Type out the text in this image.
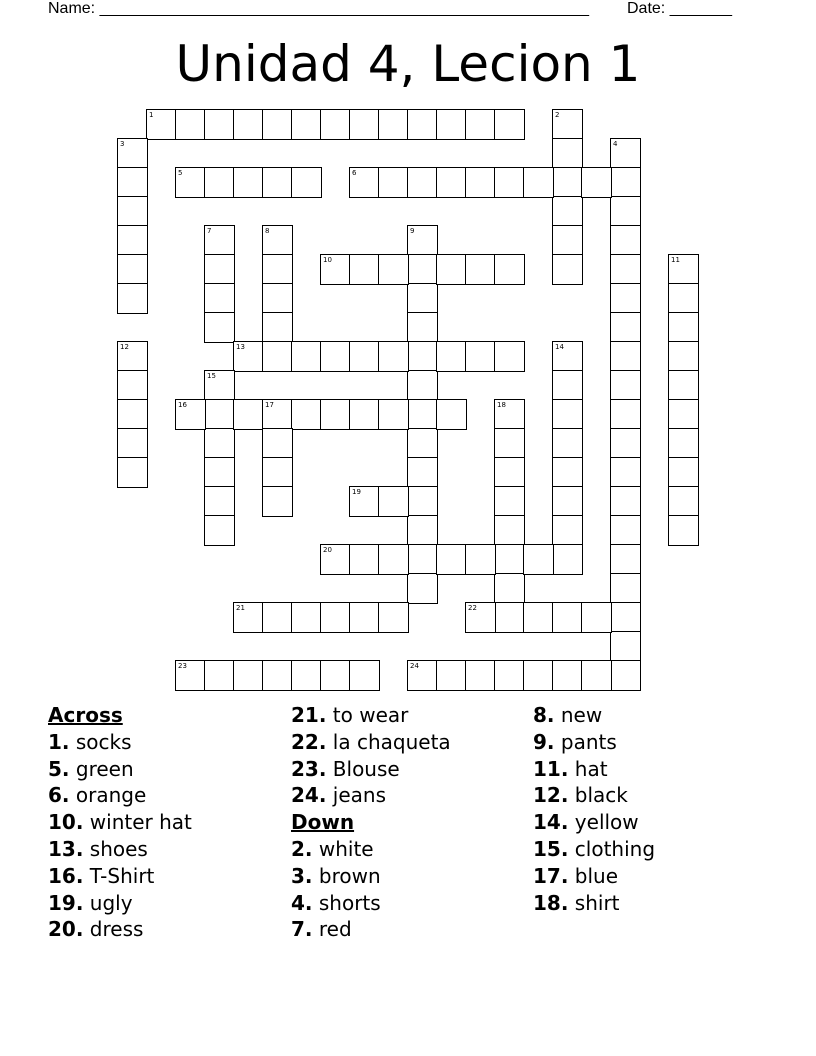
Name: _______________________________________________________ Date: _______
Unidad 4, Lecion 1
1	2
3	4
5	6
7	8	9
10	11
12	13	14
15
16	17	18
19
20
21	22
23	24
Across
1. socks
5. green
6. orange
10. winter hat
13. shoes
16. T-Shirt
19. ugly
20. dress
21. to wear
22. la chaqueta
23. Blouse
24. jeans
Down
2. white
3. brown
4. shorts
7. red
8. new
9. pants
11. hat
12. black
14. yellow
15. clothing
17. blue
18. shirt
